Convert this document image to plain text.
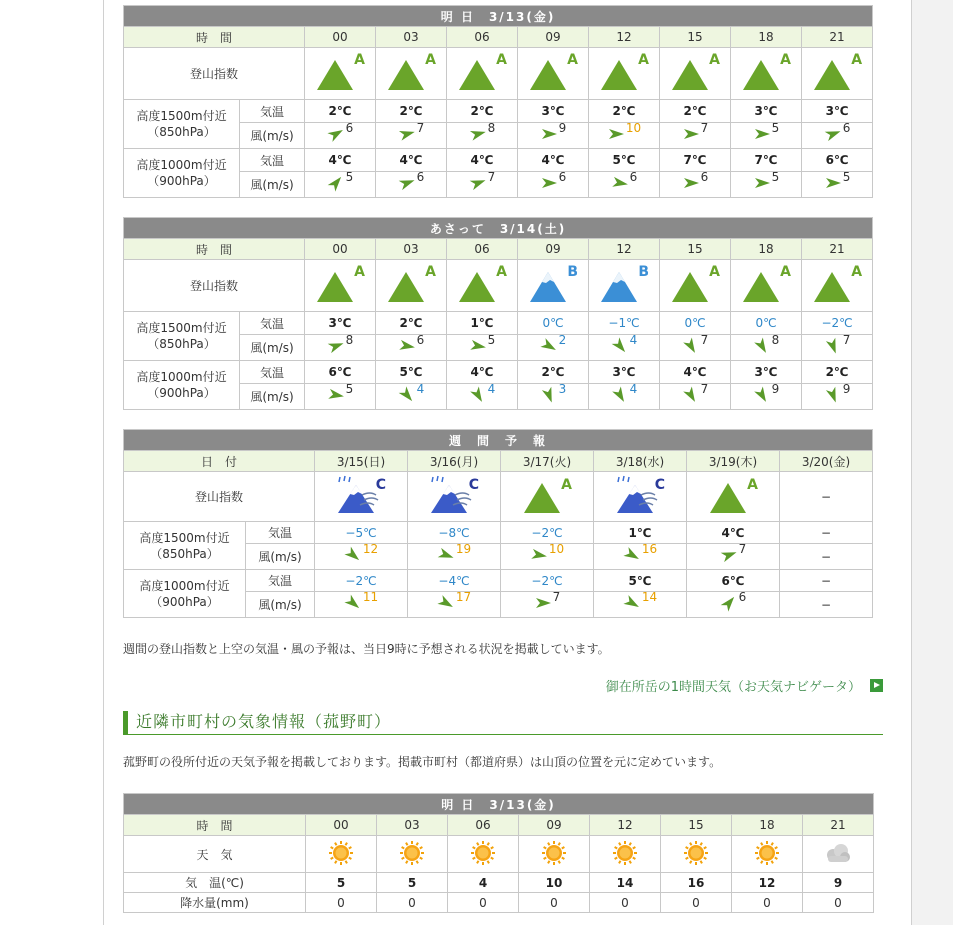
明 日　3/13(金)									
時　間		00	03	06	09	12	15	18	21
登山指数		A	A	A	A	A	A	A	A

高度1500m付近
（850hPa）	気温	2℃	2℃	2℃	3℃	2℃	2℃	3℃	3℃
	風(m/s)	6	7	8	9	10	7	5	6

高度1000m付近
（900hPa）	気温	4℃	4℃	4℃	4℃	5℃	7℃	7℃	6℃
	風(m/s)	5	6	7	6	6	6	5	5
あさって　3/14(土)									
時　間		00	03	06	09	12	15	18	21
登山指数		A	A	A	B	B	A	A	A

高度1500m付近
（850hPa）	気温	3℃	2℃	1℃	0℃	−1℃	0℃	0℃	−2℃
	風(m/s)	8	6	5	2	4	7	8	7

高度1000m付近
（900hPa）	気温	6℃	5℃	4℃	2℃	3℃	4℃	3℃	2℃
	風(m/s)	5	4	4	3	4	7	9	9
週　間　予　報							
日　付		3/15(日)	3/16(月)	3/17(火)	3/18(水)	3/19(木)	3/20(金)
登山指数		C	C	A	C	A	−

高度1500m付近
（850hPa）	気温	−5℃	−8℃	−2℃	1℃	4℃	−
	風(m/s)	12	19	10	16	7	−

高度1000m付近
（900hPa）	気温	−2℃	−4℃	−2℃	5℃	6℃	−
	風(m/s)	11	17	7	14	6	−
週間の登山指数と上空の気温・風の予報は、当日9時に予想される状況を掲載しています。
御在所岳の1時間天気（お天気ナビゲータ）
近隣市町村の気象情報（菰野町）
菰野町の役所付近の天気予報を掲載しております。掲載市町村（都道府県）は山頂の位置を元に定めています。
明 日　3/13(金)								
時　間	00	03	06	09	12	15	18	21
天　気								
気　温(℃)	5	5	4	10	14	16	12	9
降水量(mm)	0	0	0	0	0	0	0	0
